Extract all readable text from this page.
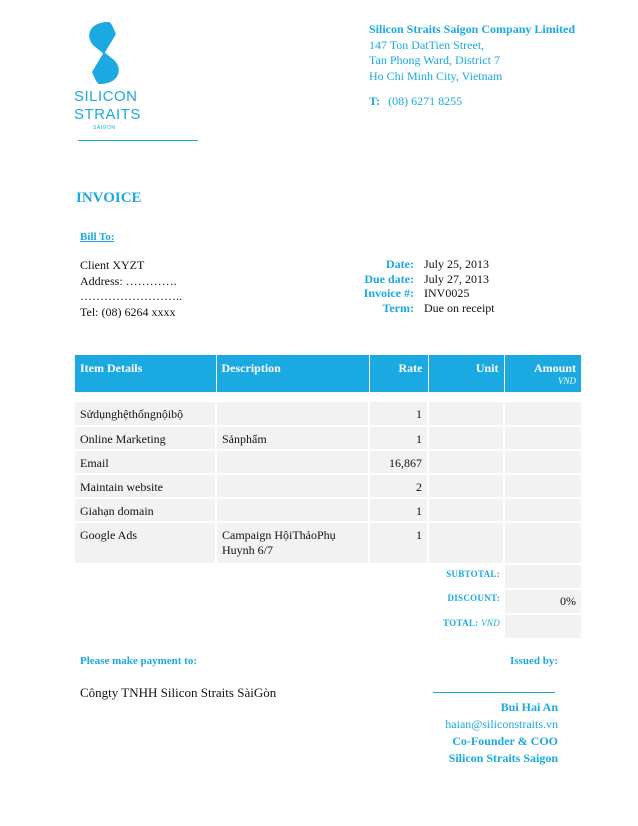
SILICON
STRAITS
SAIGON
Silicon Straits Saigon Company Limited
147 Ton DatTien Street,
Tan Phong Ward, District 7
Ho Chi Minh City, Vietnam
T: (08) 6271 8255
INVOICE
Bill To:
Client XYZT
Address: ………….
……………………..
Tel: (08) 6264 xxxx
Date:	July 25, 2013
Due date:	July 27, 2013
Invoice #:	INV0025
Term:	Due on receipt
Item Details	Description	Rate	Unit	Amount
VND

Sửdụnghệthốngnộibộ		1		
Online Marketing	Sảnphẩm	1		
Email		16,867		
Maintain website		2		
Giahạn domain		1		
Google Ads	Campaign HộiThảoPhụ Huynh 6/7	1		
			SUBTOTAL:	
			DISCOUNT:	0%
			TOTAL: VND	
Please make payment to:	Issued by:
Côngty TNHH Silicon Straits SàiGòn
Bui Hai An
haian@siliconstraits.vn
Co-Founder & COO
Silicon Straits Saigon
